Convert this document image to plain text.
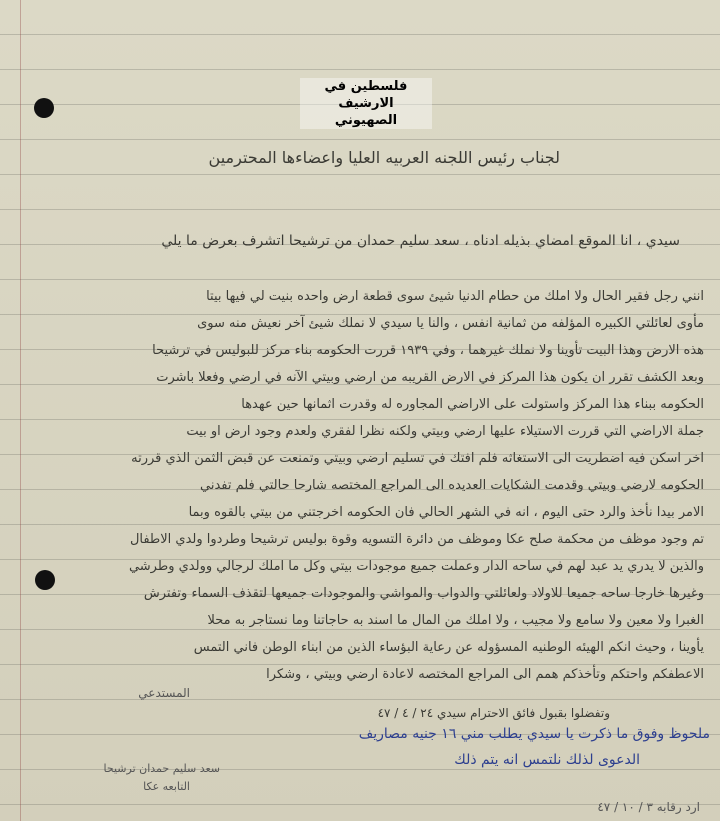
فلسطين في الارشيف
الصهيوني
لجناب رئيس اللجنه العربيه العليا واعضاءها المحترمين
سيدي ، انا الموقع امضاي بذيله ادناه ، سعد سليم حمدان من ترشيحا اتشرف بعرض ما يلي
انني رجل فقير الحال ولا املك من حطام الدنيا شيئ سوى قطعة ارض واحده بنيت لي فيها بيتا
مأوى لعائلتي الكبيره المؤلفه من ثمانية انفس ، والنا يا سيدي لا نملك شيئ آخر نعيش منه سوى
هذه الارض وهذا البيت تأوينا ولا نملك غيرهما ، وفي ١٩٣٩ قررت الحكومه بناء مركز للبوليس في ترشيحا
وبعد الكشف تقرر ان يكون هذا المركز في الارض القريبه من ارضي وبيتي الآنه في ارضي وفعلا باشرت
الحكومه ببناء هذا المركز واستولت على الاراضي المجاوره له وقدرت اثمانها حين عهدها
جملة الاراضي التي قررت الاستيلاء عليها ارضي وبيتي ولكنه نظرا لفقري ولعدم وجود ارض او بيت
اخر اسكن فيه اضطريت الى الاستغاثه فلم افتك في تسليم ارضي وبيتي وتمنعت عن قبض الثمن الذي قررته
الحكومه لارضي وبيتي وقدمت الشكايات العديده الى المراجع المختصه شارحا حالتي فلم تفدني
الامر بيدا نأخذ والرد حتى اليوم ، انه في الشهر الحالي فان الحكومه اخرجتني من بيتي بالقوه وبما
تم وجود موظف من محكمة صلح عكا وموظف من دائرة التسويه وقوة بوليس ترشيحا وطردوا ولدي الاطفال
والذين لا يدري يد عبد لهم في ساحه الدار وعملت جميع موجودات بيتي وكل ما املك لرجالي وولدي وطرشي
وغيرها خارجا ساحه جميعا للاولاد ولعائلتي والدواب والمواشي والموجودات جميعها لتقذف السماء وتفترش
الغبرا ولا معين ولا سامع ولا مجيب ، ولا املك من المال ما اسند به حاجاتنا وما نستاجر به محلا
يأوينا ، وحيث انكم الهيئه الوطنيه المسؤوله عن رعاية البؤساء الذين من ابناء الوطن فاني التمس
الاعطفكم واحتكم وتأخذكم همم الى المراجع المختصه لاعادة ارضي وبيتي ، وشكرا
المستدعي
وتفضلوا بقبول فائق الاحترام سيدي ٢٤ / ٤ / ٤٧
ملحوظ وفوق ما ذكرت يا سيدي يطلب مني ١٦ جنيه مصاريف
الدعوى لذلك نلتمس انه يتم ذلك
سعد سليم حمدان ترشيحا
التابعه عكا
ارد رقابه ٣ / ١٠ / ٤٧
